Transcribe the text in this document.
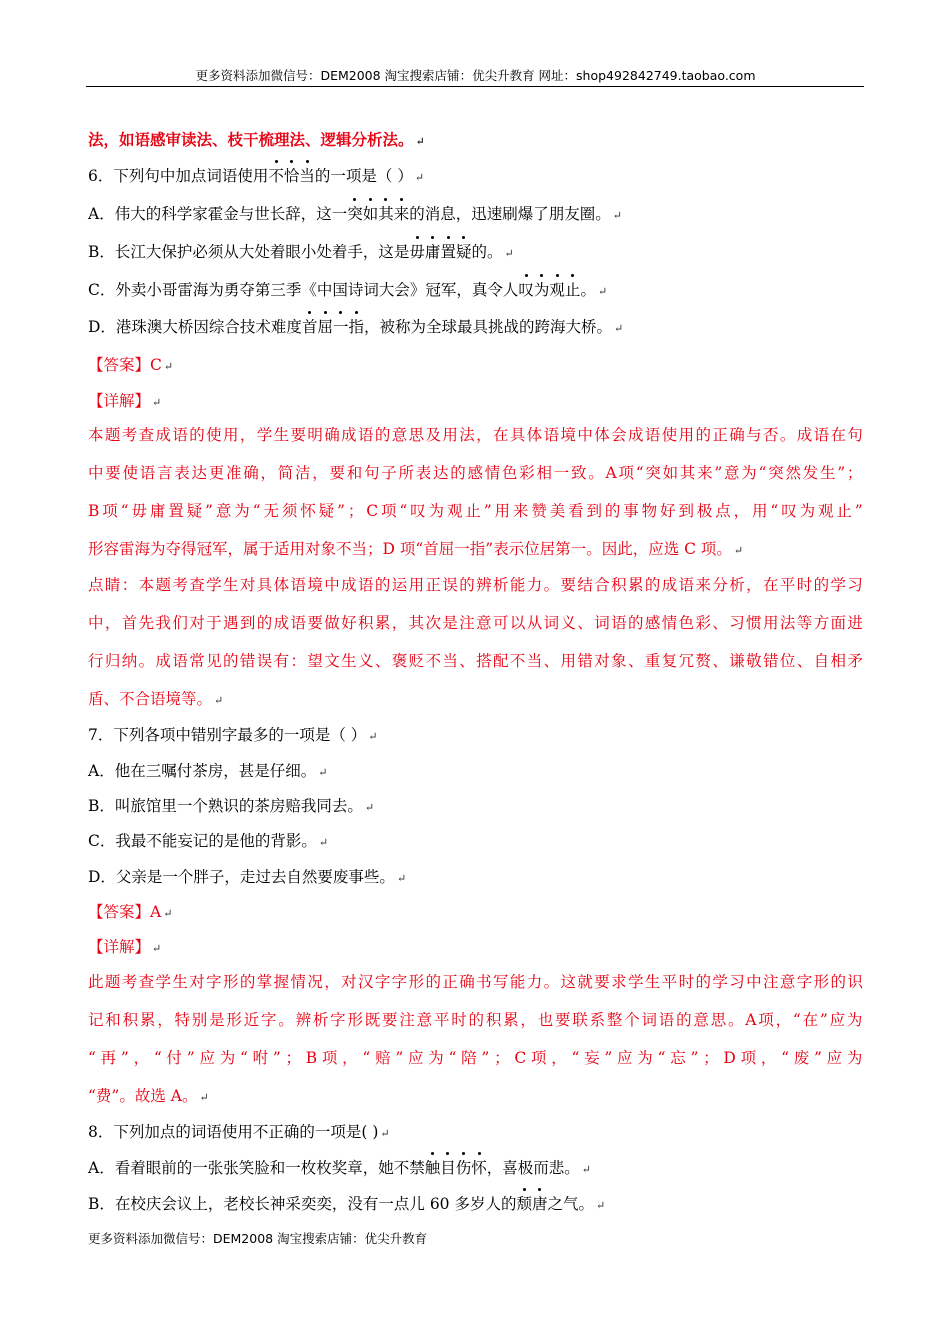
更多资料添加微信号：DEM2008 淘宝搜索店铺：优尖升教育 网址：shop492842749.taobao.com
法，如语感审读法、枝干梳理法、逻辑分析法。 ↵
6．下列句中加点词语使用不恰当的一项是（ ） ↵
A．伟大的科学家霍金与世长辞，这一突如其来的消息，迅速刷爆了朋友圈。 ↵
B．长江大保护必须从大处着眼小处着手，这是毋庸置疑的。 ↵
C．外卖小哥雷海为勇夺第三季《中国诗词大会》冠军，真令人叹为观止。 ↵
D．港珠澳大桥因综合技术难度首屈一指，被称为全球最具挑战的跨海大桥。 ↵
【答案】C ↵
【详解】 ↵
本 题 考 查 成 语 的 使 用 ， 学 生 要 明 确 成 语 的 意 思 及 用 法 ， 在 具 体 语 境 中 体 会 成 语 使 用 的 正 确 与 否 。 成 语 在 句
中 要 使 语 言 表 达 更 准 确 ， 简 洁 ， 要 和 句 子 所 表 达 的 感 情 色 彩 相 一 致 。 A 项 “ 突 如 其 来 ” 意 为 “ 突 然 发 生 ” ；
B 项 “ 毋 庸 置 疑 ” 意 为 “ 无 须 怀 疑 ” ； C 项 “ 叹 为 观 止 ” 用 来 赞 美 看 到 的 事 物 好 到 极 点 ， 用 “ 叹 为 观 止 ”
形容雷海为夺得冠军，属于适用对象不当；D 项“首屈一指”表示位居第一。因此，应选 C 项。 ↵
点 睛 ： 本 题 考 查 学 生 对 具 体 语 境 中 成 语 的 运 用 正 误 的 辨 析 能 力 。 要 结 合 积 累 的 成 语 来 分 析 ， 在 平 时 的 学 习
中 ， 首 先 我 们 对 于 遇 到 的 成 语 要 做 好 积 累 ， 其 次 是 注 意 可 以 从 词 义 、 词 语 的 感 情 色 彩 、 习 惯 用 法 等 方 面 进
行 归 纳 。 成 语 常 见 的 错 误 有 ： 望 文 生 义 、 褒 贬 不 当 、 搭 配 不 当 、 用 错 对 象 、 重 复 冗 赘 、 谦 敬 错 位 、 自 相 矛
盾、不合语境等。 ↵
7．下列各项中错别字最多的一项是（ ） ↵
A．他在三嘱付茶房，甚是仔细。 ↵
B．叫旅馆里一个熟识的茶房赔我同去。 ↵
C．我最不能妄记的是他的背影。 ↵
D．父亲是一个胖子，走过去自然要废事些。 ↵
【答案】A ↵
【详解】 ↵
此 题 考 查 学 生 对 字 形 的 掌 握 情 况 ， 对 汉 字 字 形 的 正 确 书 写 能 力 。 这 就 要 求 学 生 平 时 的 学 习 中 注 意 字 形 的 识
记 和 积 累 ， 特 别 是 形 近 字 。 辨 析 字 形 既 要 注 意 平 时 的 积 累 ， 也 要 联 系 整 个 词 语 的 意 思 。 A 项 ， “ 在 ” 应 为
“ 再 ” ， “ 付 ” 应 为 “ 咐 ” ； B 项 ， “ 赔 ” 应 为 “ 陪 ” ； C 项 ， “ 妄 ” 应 为 “ 忘 ” ； D 项 ， “ 废 ” 应 为
“费”。故选 A。 ↵
8．下列加点的词语使用不正确的一项是( ) ↵
A．看着眼前的一张张笑脸和一枚枚奖章，她不禁触目伤怀，喜极而悲。 ↵
B．在校庆会议上，老校长神采奕奕，没有一点儿 60 多岁人的颓唐之气。 ↵
更多资料添加微信号：DEM2008 淘宝搜索店铺：优尖升教育
